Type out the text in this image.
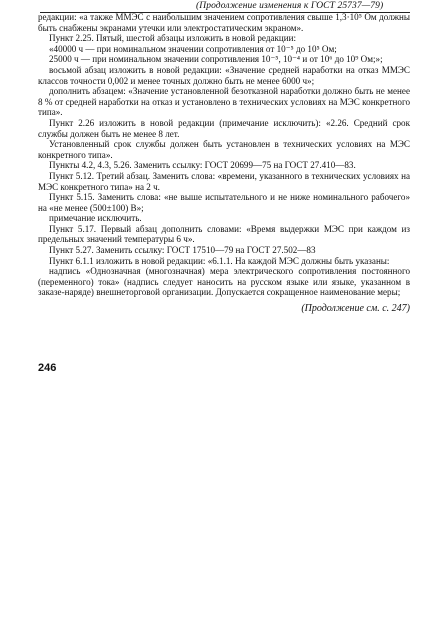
(Продолжение изменения к ГОСТ 25737—79)

редакции: «а также ММЭС с наибольшим значением сопротивления свыше 1,3·10⁵ Ом должны быть снабжены экранами утечки или электростатическим экраном».

Пункт 2.25. Пятый, шестой абзацы изложить в новой редакции:

«40000 ч — при номинальном значении сопротивления от 10⁻⁵ до 10⁵ Ом;

25000 ч — при номинальном значении сопротивления 10⁻⁵, 10⁻⁴ и от 10⁶ до 10⁹ Ом;»;

восьмой абзац изложить в новой редакции: «Значение средней наработки на отказ ММЭС классов точности 0,002 и менее точных должно быть не менее 6000 ч»;

дополнить абзацем: «Значение установленной безотказной наработки должно быть не менее 8 % от средней наработки на отказ и установлено в технических условиях на МЭС конкретного типа».

Пункт 2.26 изложить в новой редакции (примечание исключить): «2.26. Средний срок службы должен быть не менее 8 лет.

Установленный срок службы должен быть установлен в технических условиях на МЭС конкретного типа».

Пункты 4.2, 4.3, 5.26. Заменить ссылку: ГОСТ 20699—75 на ГОСТ 27.410—83.

Пункт 5.12. Третий абзац. Заменить слова: «времени, указанного в технических условиях на МЭС конкретного типа» на 2 ч.

Пункт 5.15. Заменить слова: «не выше испытательного и не ниже номинального рабочего» на «не менее (500±100) В»;

примечание исключить.

Пункт 5.17. Первый абзац дополнить словами: «Время выдержки МЭС при каждом из предельных значений температуры 6 ч».

Пункт 5.27. Заменить ссылку: ГОСТ 17510—79 на ГОСТ 27.502—83

Пункт 6.1.1 изложить в новой редакции: «6.1.1. На каждой МЭС должны быть указаны:

надпись «Однозначная (многозначная) мера электрического сопротивления постоянного (переменного) тока» (надпись следует наносить на русском языке или языке, указанном в заказе-наряде) внешнеторговой организации. Допускается сокращенное наименование меры;

(Продолжение см. с. 247)

246
